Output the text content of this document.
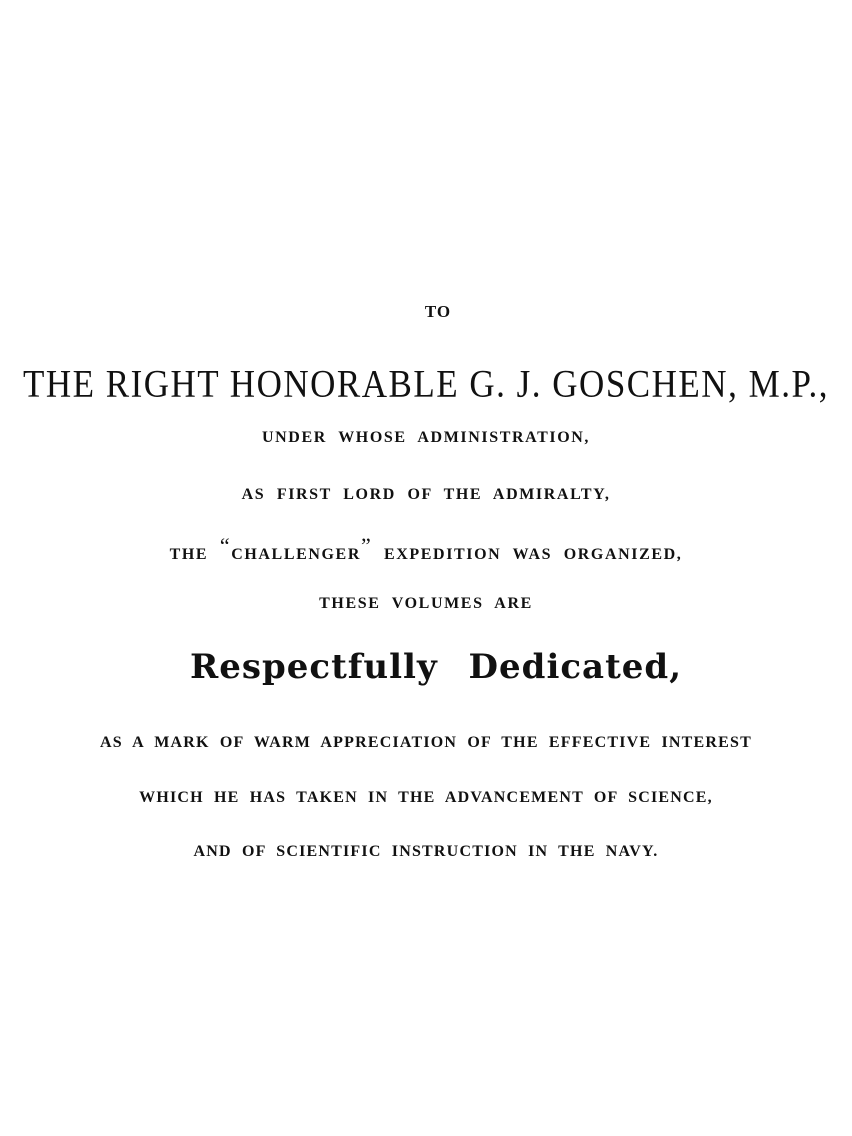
TO
THE RIGHT HONORABLE G. J. GOSCHEN, M.P.,
UNDER WHOSE ADMINISTRATION,
AS FIRST LORD OF THE ADMIRALTY,
THE “CHALLENGER” EXPEDITION WAS ORGANIZED,
THESE VOLUMES ARE
Respectfully Dedicated,
AS A MARK OF WARM APPRECIATION OF THE EFFECTIVE INTEREST
WHICH HE HAS TAKEN IN THE ADVANCEMENT OF SCIENCE,
AND OF SCIENTIFIC INSTRUCTION IN THE NAVY.
